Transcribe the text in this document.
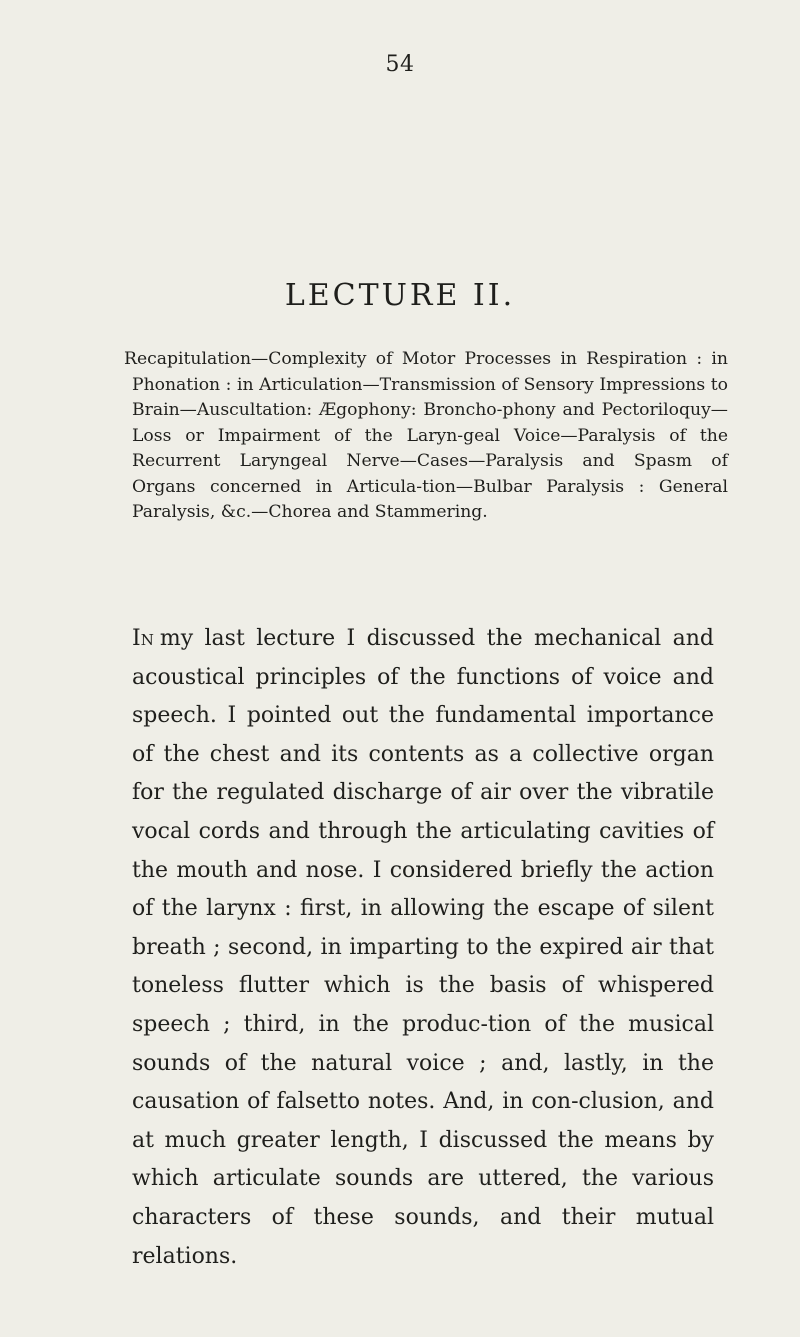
54
LECTURE II.

Recapitulation—Complexity of Motor Processes in Respiration : in Phonation : in Articulation—Transmission of Sensory Impressions to Brain—Auscultation: Ægophony: Broncho-phony and Pectoriloquy—Loss or Impairment of the Laryn-geal Voice—Paralysis of the Recurrent Laryngeal Nerve—Cases—Paralysis and Spasm of Organs concerned in Articula-tion—Bulbar Paralysis : General Paralysis, &c.—Chorea and Stammering.

In my last lecture I discussed the mechanical and acoustical principles of the functions of voice and speech. I pointed out the fundamental importance of the chest and its contents as a collective organ for the regulated discharge of air over the vibratile vocal cords and through the articulating cavities of the mouth and nose. I considered briefly the action of the larynx : first, in allowing the escape of silent breath ; second, in imparting to the expired air that toneless flutter which is the basis of whispered speech ; third, in the produc-tion of the musical sounds of the natural voice ; and, lastly, in the causation of falsetto notes. And, in con-clusion, and at much greater length, I discussed the means by which articulate sounds are uttered, the various characters of these sounds, and their mutual relations.
